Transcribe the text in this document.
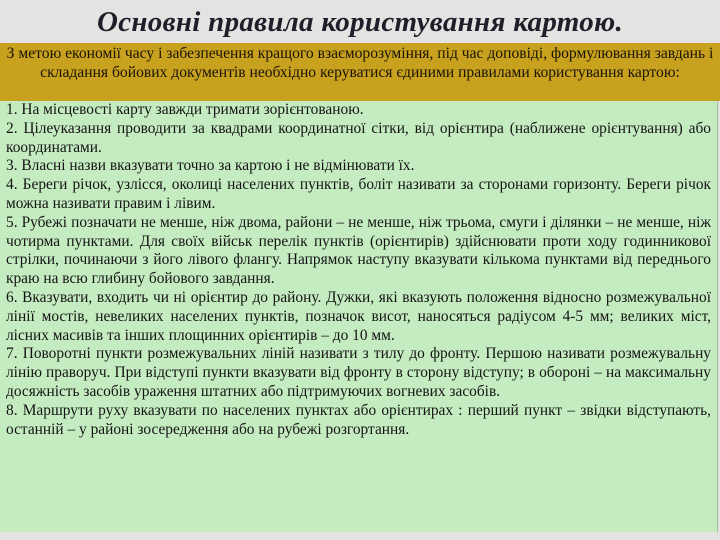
Основні правила користування картою.

З метою економії часу і забезпечення кращого взаєморозуміння, під час доповіді, формулювання завдань і складання бойових документів необхідно керуватися єдиними правилами користування картою:

1. На місцевості карту завжди тримати зорієнтованою.

2. Цілеуказання проводити за квадрами координатної сітки, від орієнтира (наближене орієнтування) або координатами.

3. Власні назви вказувати точно за картою і не відмінювати їх.

4. Береги річок, узлісся, околиці населених пунктів, боліт називати за сторонами горизонту. Береги річок можна називати правим і лівим.

5. Рубежі позначати не менше, ніж двома, райони – не менше, ніж трьома, смуги і ділянки – не менше, ніж чотирма пунктами. Для своїх військ перелік пунктів (орієнтирів) здійснювати проти ходу годинникової стрілки, починаючи з його лівого флангу. Напрямок наступу вказувати кількома пунктами від переднього краю на всю глибину бойового завдання.

6. Вказувати, входить чи ні орієнтир до району. Дужки, які вказують положення відносно розмежувальної лінії мостів, невеликих населених пунктів, позначок висот, наносяться радіусом 4-5 мм; великих міст, лісних масивів та інших площинних орієнтирів – до 10 мм.

7. Поворотні пункти розмежувальних ліній називати з тилу до фронту. Першою називати розмежувальну лінію праворуч. При відступі пункти вказувати від фронту в сторону відступу; в обороні – на максимальну досяжність засобів ураження штатних або підтримуючих вогневих засобів.

8. Маршрути руху вказувати по населених пунктах або орієнтирах : перший пункт – звідки відступають, останній – у районі зосередження або на рубежі розгортання.
